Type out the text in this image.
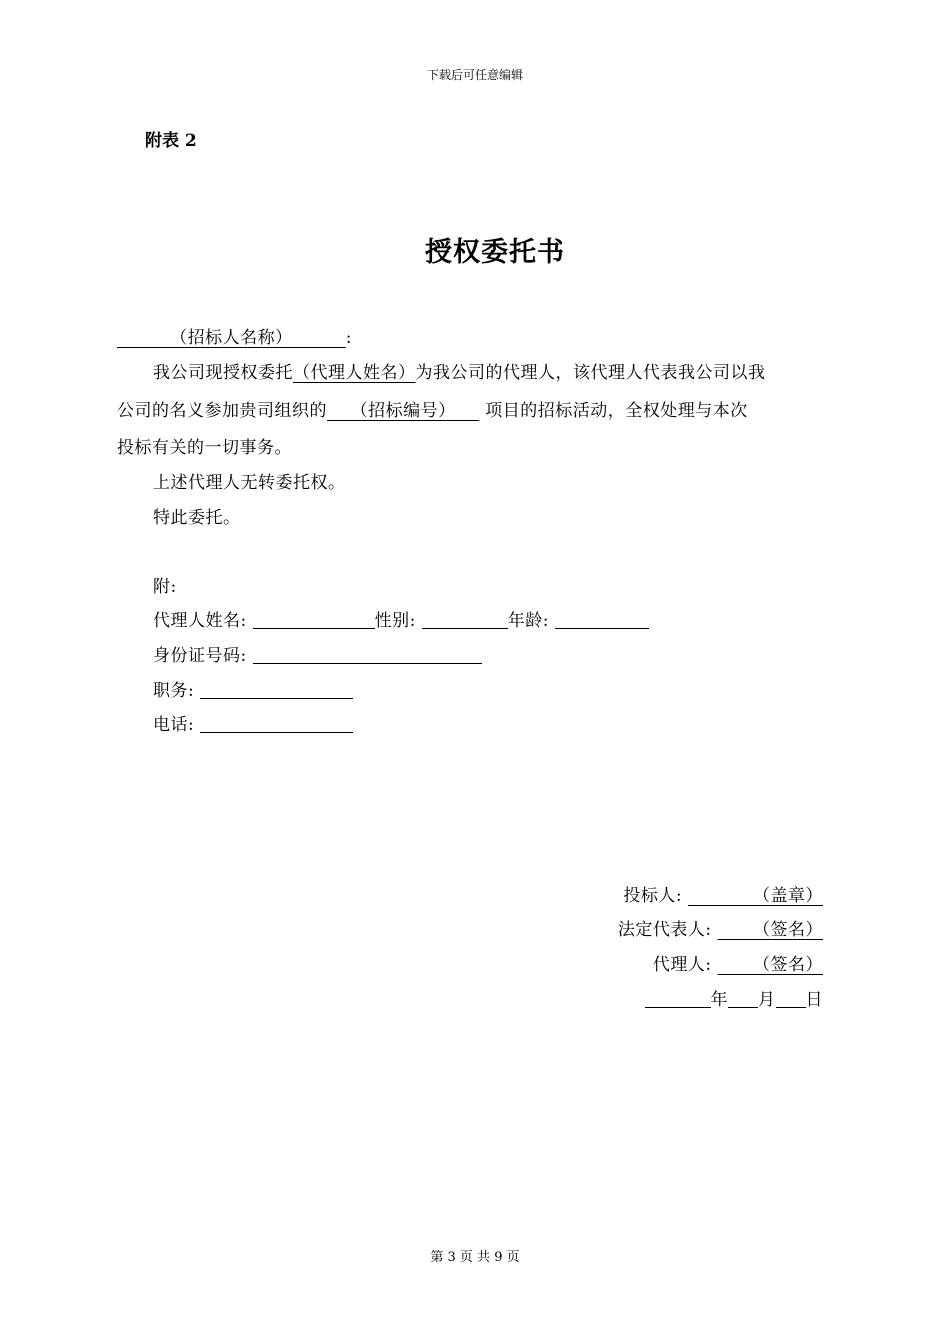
下载后可任意编辑
附表 2
授权委托书
（招标人名称）	:
我公司现授权委托（代理人姓名）为我公司的代理人，该代理人代表我公司以我
公司的名义参加贵司组织的 （招标编号） 项目的招标活动，全权处理与本次
投标有关的一切事务。
上述代理人无转委托权。
特此委托。
附:
代理人姓名:	性别:	年龄:
身份证号码:
职务:
电话:
投标人:	（盖章）
法定代表人: （签名）
代理人: （签名）
年 月 日
第 3 页 共 9 页
